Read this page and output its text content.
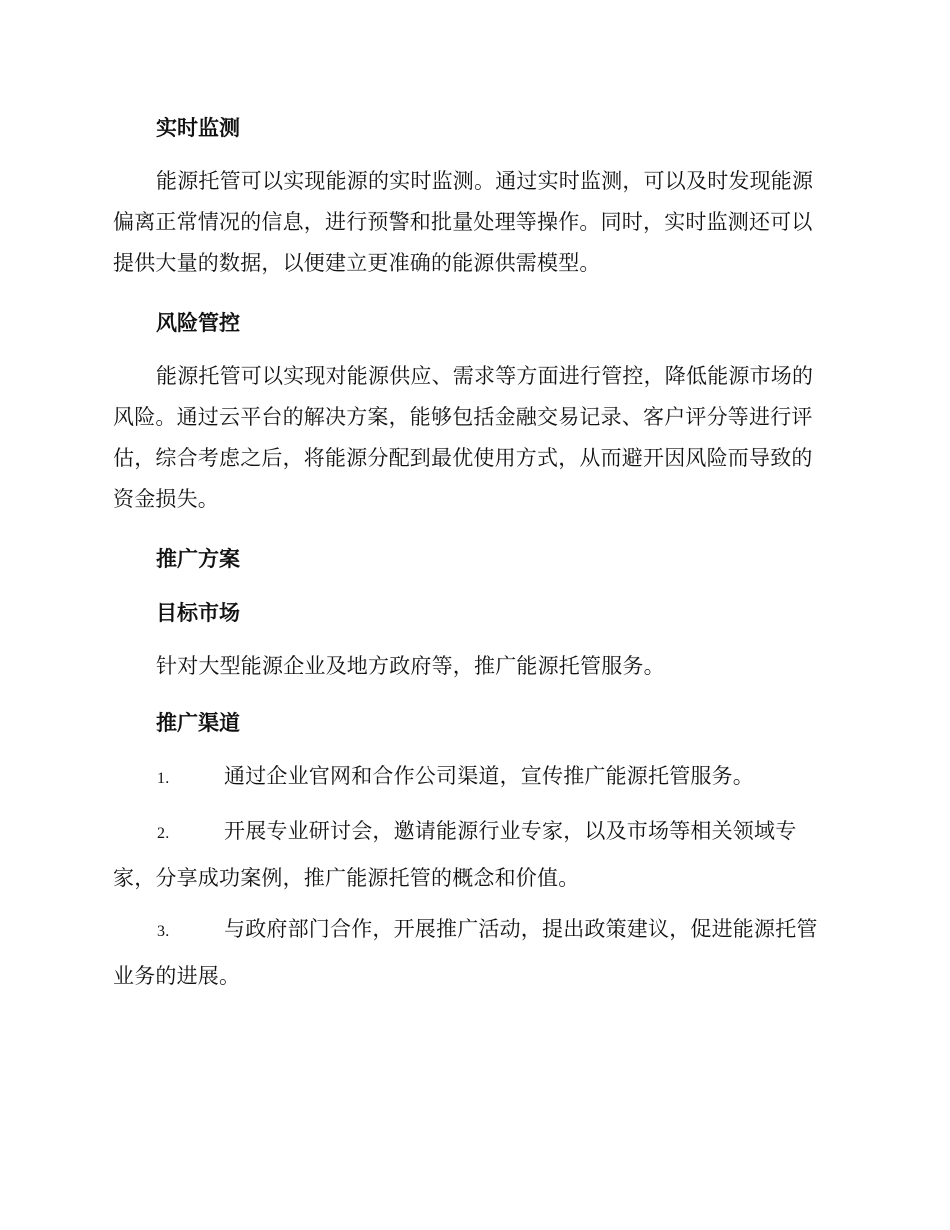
实时监测

能源托管可以实现能源的实时监测。通过实时监测，可以及时发现能源偏离正常情况的信息，进行预警和批量处理等操作。同时，实时监测还可以提供大量的数据，以便建立更准确的能源供需模型。

风险管控

能源托管可以实现对能源供应、需求等方面进行管控，降低能源市场的风险。通过云平台的解决方案，能够包括金融交易记录、客户评分等进行评估，综合考虑之后，将能源分配到最优使用方式，从而避开因风险而导致的资金损失。

推广方案
目标市场

针对大型能源企业及地方政府等，推广能源托管服务。

推广渠道

1.	通过企业官网和合作公司渠道，宣传推广能源托管服务。

2.	开展专业研讨会，邀请能源行业专家，以及市场等相关领域专家，分享成功案例，推广能源托管的概念和价值。

3.	与政府部门合作，开展推广活动，提出政策建议，促进能源托管业务的进展。
